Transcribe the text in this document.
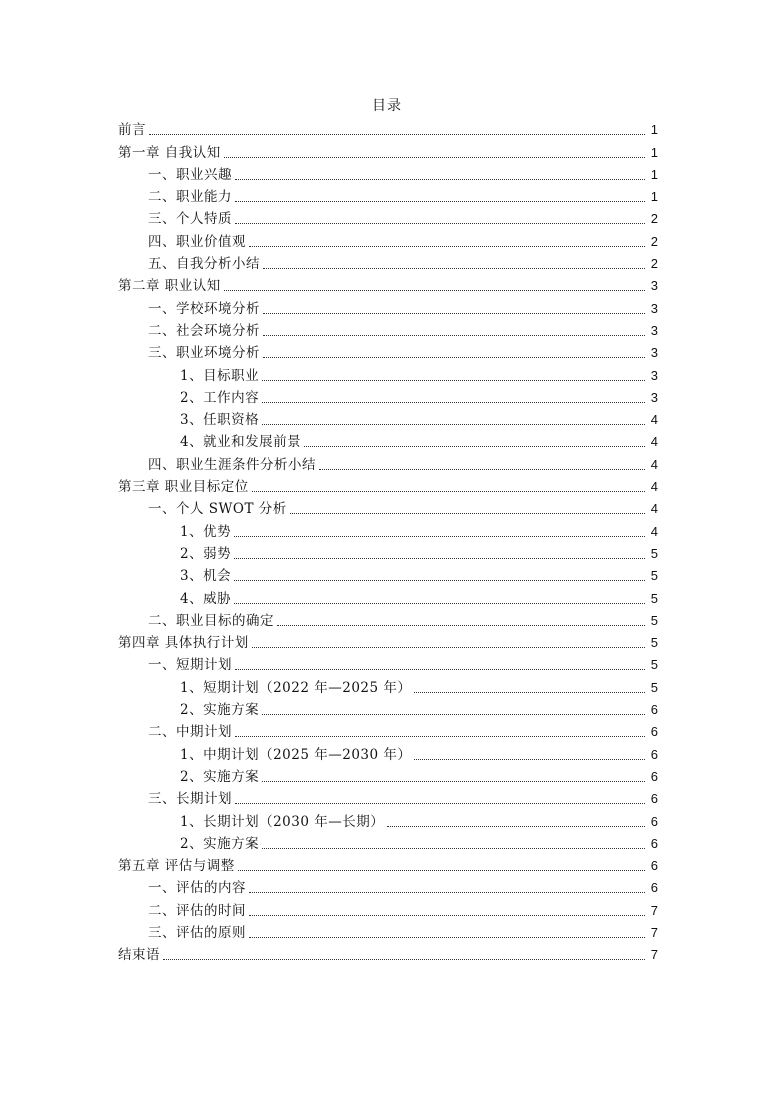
目录
前言	1
第一章 自我认知	1
一、职业兴趣	1
二、职业能力	1
三、个人特质	2
四、职业价值观	2
五、自我分析小结	2
第二章 职业认知	3
一、学校环境分析	3
二、社会环境分析	3
三、职业环境分析	3
1、目标职业	3
2、工作内容	3
3、任职资格	4
4、就业和发展前景	4
四、职业生涯条件分析小结	4
第三章 职业目标定位	4
一、个人 SWOT 分析	4
1、优势	4
2、弱势	5
3、机会	5
4、威胁	5
二、职业目标的确定	5
第四章 具体执行计划	5
一、短期计划	5
1、短期计划（2022 年—2025 年）	5
2、实施方案	6
二、中期计划	6
1、中期计划（2025 年—2030 年）	6
2、实施方案	6
三、长期计划	6
1、长期计划（2030 年—长期）	6
2、实施方案	6
第五章 评估与调整	6
一、评估的内容	6
二、评估的时间	7
三、评估的原则	7
结束语	7
